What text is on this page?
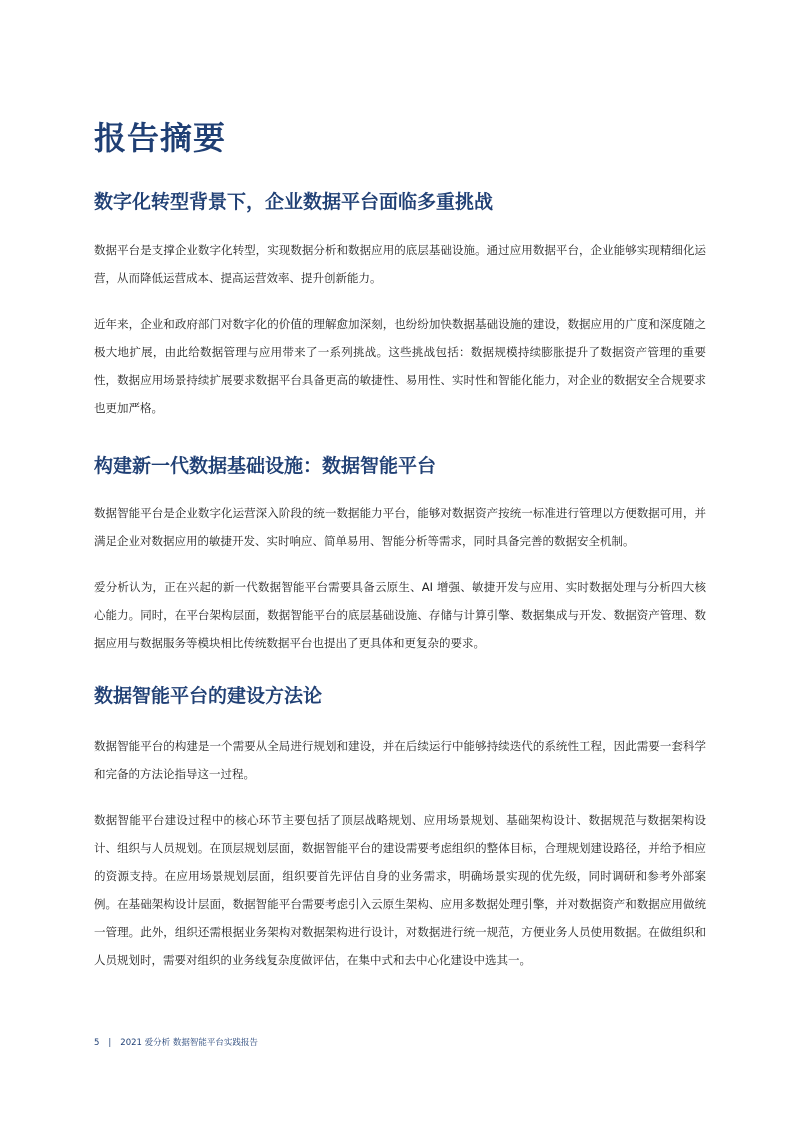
报告摘要
数字化转型背景下，企业数据平台面临多重挑战

数据平台是支撑企业数字化转型，实现数据分析和数据应用的底层基础设施。通过应用数据平台，企业能够实现精细化运营，从而降低运营成本、提高运营效率、提升创新能力。

近年来，企业和政府部门对数字化的价值的理解愈加深刻，也纷纷加快数据基础设施的建设，数据应用的广度和深度随之极大地扩展，由此给数据管理与应用带来了一系列挑战。这些挑战包括：数据规模持续膨胀提升了数据资产管理的重要性，数据应用场景持续扩展要求数据平台具备更高的敏捷性、易用性、实时性和智能化能力，对企业的数据安全合规要求也更加严格。

构建新一代数据基础设施：数据智能平台

数据智能平台是企业数字化运营深入阶段的统一数据能力平台，能够对数据资产按统一标准进行管理以方便数据可用，并满足企业对数据应用的敏捷开发、实时响应、简单易用、智能分析等需求，同时具备完善的数据安全机制。

爱分析认为，正在兴起的新一代数据智能平台需要具备云原生、AI 增强、敏捷开发与应用、实时数据处理与分析四大核心能力。同时，在平台架构层面，数据智能平台的底层基础设施、存储与计算引擎、数据集成与开发、数据资产管理、数据应用与数据服务等模块相比传统数据平台也提出了更具体和更复杂的要求。

数据智能平台的建设方法论

数据智能平台的构建是一个需要从全局进行规划和建设，并在后续运行中能够持续迭代的系统性工程，因此需要一套科学和完备的方法论指导这一过程。

数据智能平台建设过程中的核心环节主要包括了顶层战略规划、应用场景规划、基础架构设计、数据规范与数据架构设计、组织与人员规划。在顶层规划层面，数据智能平台的建设需要考虑组织的整体目标，合理规划建设路径，并给予相应的资源支持。在应用场景规划层面，组织要首先评估自身的业务需求，明确场景实现的优先级，同时调研和参考外部案例。在基础架构设计层面，数据智能平台需要考虑引入云原生架构、应用多数据处理引擎，并对数据资产和数据应用做统一管理。此外，组织还需根据业务架构对数据架构进行设计，对数据进行统一规范，方便业务人员使用数据。在做组织和人员规划时，需要对组织的业务线复杂度做评估，在集中式和去中心化建设中选其一。

5 | 2021 爱分析 数据智能平台实践报告
